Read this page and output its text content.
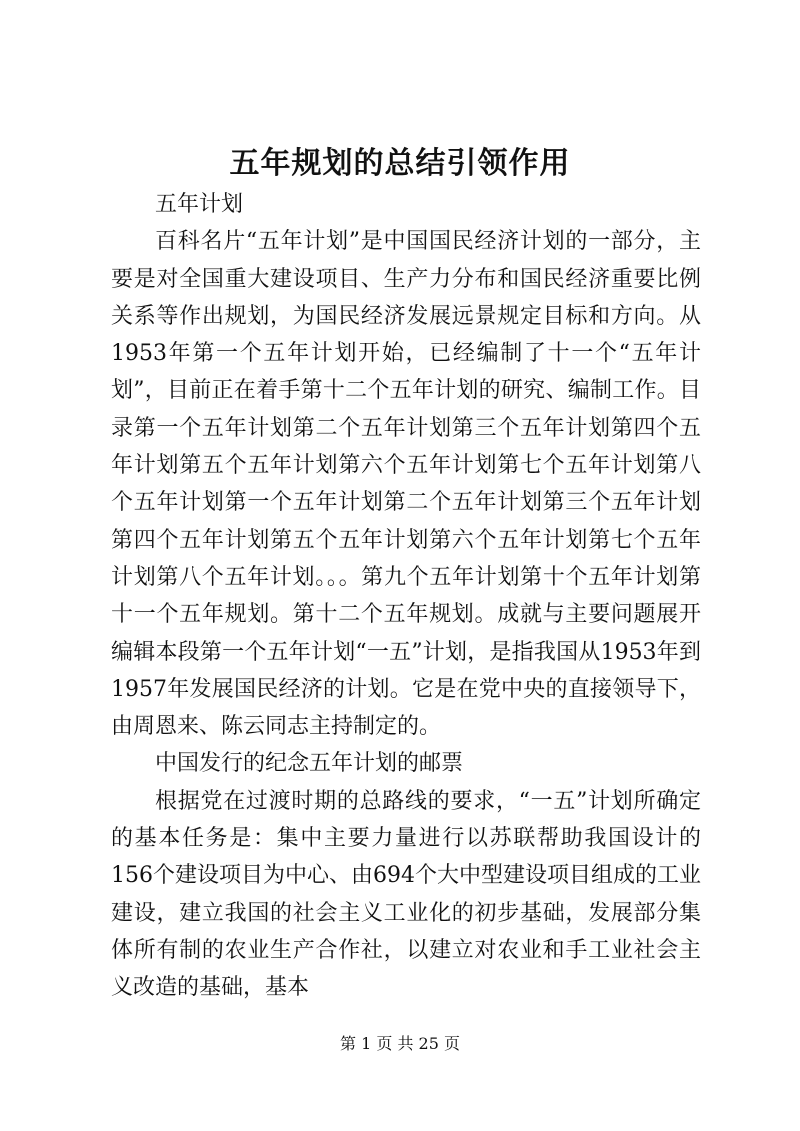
五年规划的总结引领作用

五年计划

百科名片“五年计划”是中国国民经济计划的一部分，主要是对全国重大建设项目、生产力分布和国民经济重要比例关系等作出规划，为国民经济发展远景规定目标和方向。从1953年第一个五年计划开始，已经编制了十一个“五年计划”，目前正在着手第十二个五年计划的研究、编制工作。目录第一个五年计划第二个五年计划第三个五年计划第四个五年计划第五个五年计划第六个五年计划第七个五年计划第八个五年计划第一个五年计划第二个五年计划第三个五年计划第四个五年计划第五个五年计划第六个五年计划第七个五年计划第八个五年计划。。。第九个五年计划第十个五年计划第十一个五年规划。第十二个五年规划。成就与主要问题展开编辑本段第一个五年计划“一五”计划，是指我国从1953年到1957年发展国民经济的计划。它是在党中央的直接领导下，由周恩来、陈云同志主持制定的。

中国发行的纪念五年计划的邮票

根据党在过渡时期的总路线的要求，“一五”计划所确定的基本任务是：集中主要力量进行以苏联帮助我国设计的156个建设项目为中心、由694个大中型建设项目组成的工业建设，建立我国的社会主义工业化的初步基础，发展部分集体所有制的农业生产合作社，以建立对农业和手工业社会主义改造的基础，基本

第 1 页 共 25 页
